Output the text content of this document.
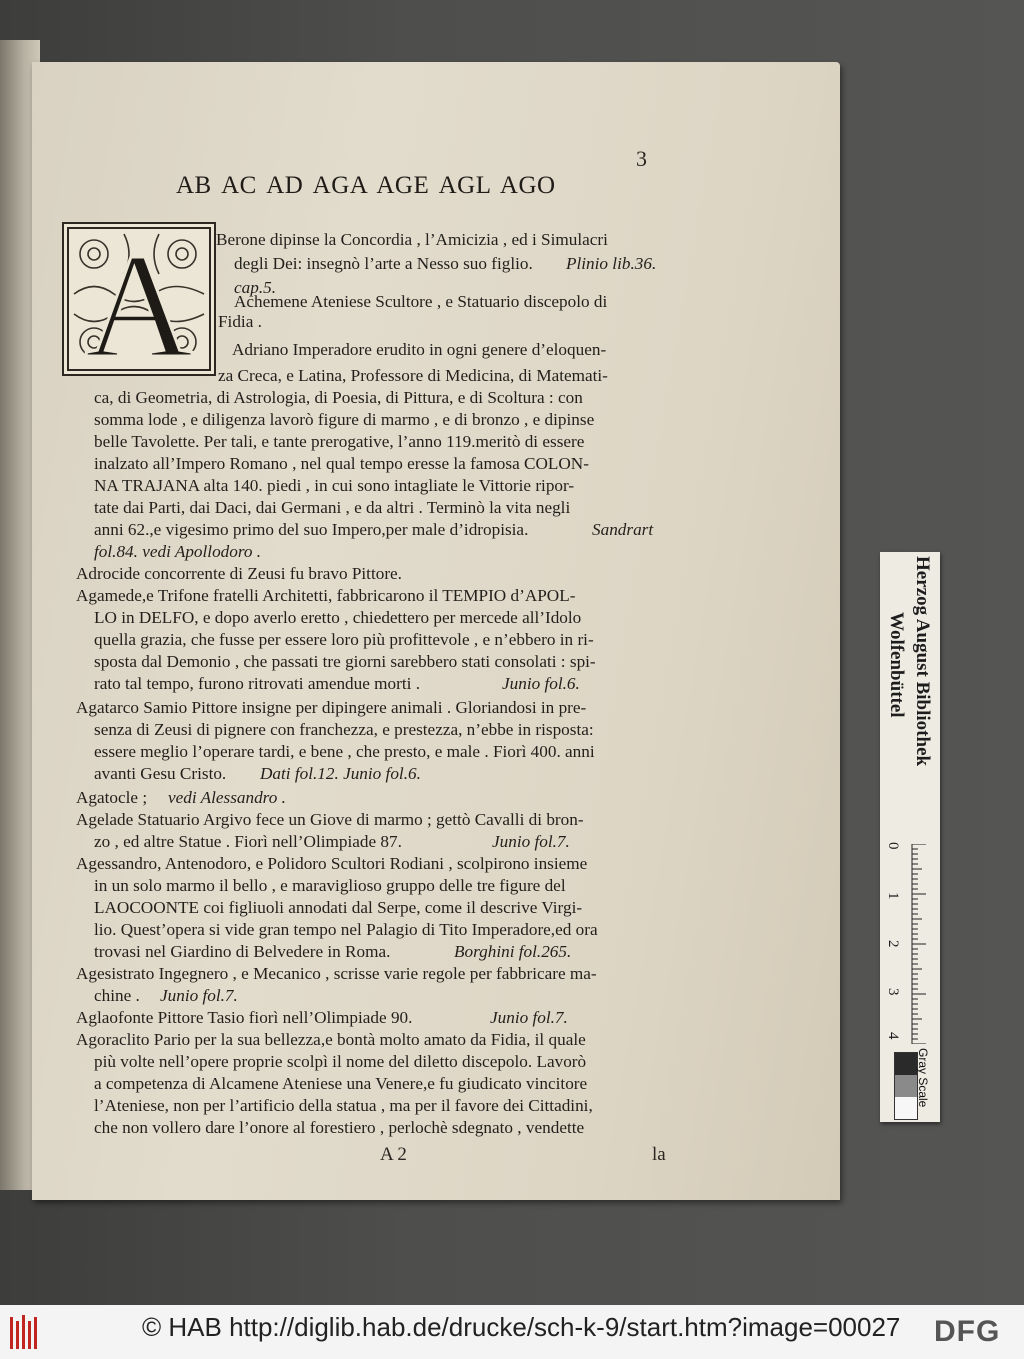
3
AB AC AD AGA AGE AGL AGO
A Berone dipinse la Concordia , l’Amicizia , ed i Simulacri
degli Dei: insegnò l’arte a Nesso suo figlio. Plinio lib.36.
cap.5.
Achemene Ateniese Scultore , e Statuario discepolo di
Fidia .
Adriano Imperadore erudito in ogni genere d’eloquen-
za Creca, e Latina, Professore di Medicina, di Matemati-
ca, di Geometria, di Astrologia, di Poesia, di Pittura, e di Scoltura : con
somma lode , e diligenza lavorò figure di marmo , e di bronzo , e dipinse
belle Tavolette. Per tali, e tante prerogative, l’anno 119.meritò di essere
inalzato all’Impero Romano , nel qual tempo eresse la famosa COLON-
NA TRAJANA alta 140. piedi , in cui sono intagliate le Vittorie ripor-
tate dai Parti, dai Daci, dai Germani , e da altri . Terminò la vita negli
anni 62.,e vigesimo primo del suo Impero,per male d’idropisia.	Sandrart
fol.84. vedi Apollodoro .
Adrocide concorrente di Zeusi fu bravo Pittore.
Agamede,e Trifone fratelli Architetti, fabbricarono il TEMPIO d’APOL-
LO in DELFO, e dopo averlo eretto , chiedettero per mercede all’Idolo
quella grazia, che fusse per essere loro più profittevole , e n’ebbero in ri-
sposta dal Demonio , che passati tre giorni sarebbero stati consolati : spi-
rato tal tempo, furono ritrovati amendue morti .	Junio fol.6.
Agatarco Samio Pittore insigne per dipingere animali . Gloriandosi in pre-
senza di Zeusi di pignere con franchezza, e prestezza, n’ebbe in risposta:
essere meglio l’operare tardi, e bene , che presto, e male . Fiorì 400. anni
avanti Gesu Cristo. Dati fol.12. Junio fol.6.
Agatocle ; vedi Alessandro .
Agelade Statuario Argivo fece un Giove di marmo ; gettò Cavalli di bron-
zo , ed altre Statue . Fiorì nell’Olimpiade 87.	Junio fol.7.
Agessandro, Antenodoro, e Polidoro Scultori Rodiani , scolpirono insieme
in un solo marmo il bello , e maraviglioso gruppo delle tre figure del
LAOCOONTE coi figliuoli annodati dal Serpe, come il descrive Virgi-
lio. Quest’opera si vide gran tempo nel Palagio di Tito Imperadore,ed ora
trovasi nel Giardino di Belvedere in Roma.	Borghini fol.265.
Agesistrato Ingegnero , e Mecanico , scrisse varie regole per fabbricare ma-
chine . Junio fol.7.
Aglaofonte Pittore Tasio fiorì nell’Olimpiade 90.	Junio fol.7.
Agoraclito Pario per la sua bellezza,e bontà molto amato da Fidia, il quale
più volte nell’opere proprie scolpì il nome del diletto discepolo. Lavorò
a competenza di Alcamene Ateniese una Venere,e fu giudicato vincitore
l’Ateniese, non per l’artificio della statua , ma per il favore dei Cittadini,
che non vollero dare l’onore al forestiero , perlochè sdegnato , vendette
A 2	la
Herzog August Bibliothek
Wolfenbüttel
0
1
2
3
4
Gray Scale
© HAB http://diglib.hab.de/drucke/sch-k-9/start.htm?image=00027 DFG
